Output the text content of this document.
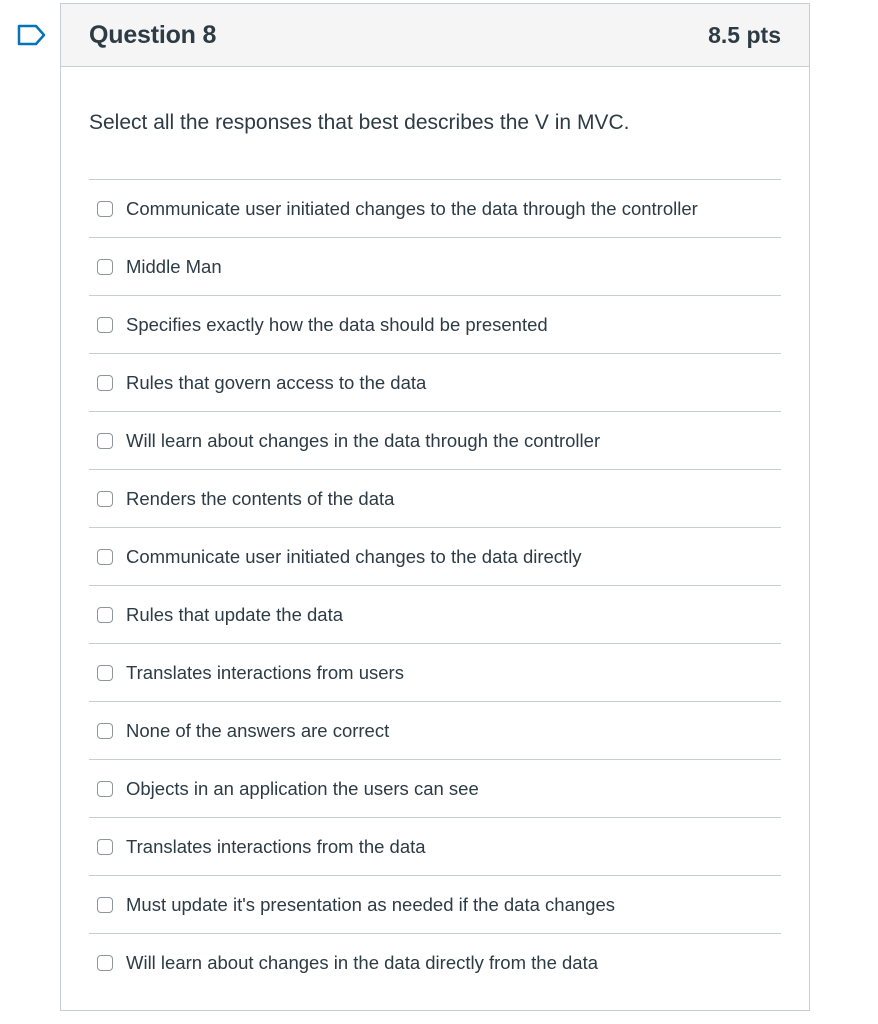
Question 8	8.5 pts

Select all the responses that best describes the V in MVC.

Communicate user initiated changes to the data through the controller
Middle Man
Specifies exactly how the data should be presented
Rules that govern access to the data
Will learn about changes in the data through the controller
Renders the contents of the data
Communicate user initiated changes to the data directly
Rules that update the data
Translates interactions from users
None of the answers are correct
Objects in an application the users can see
Translates interactions from the data
Must update it's presentation as needed if the data changes
Will learn about changes in the data directly from the data
